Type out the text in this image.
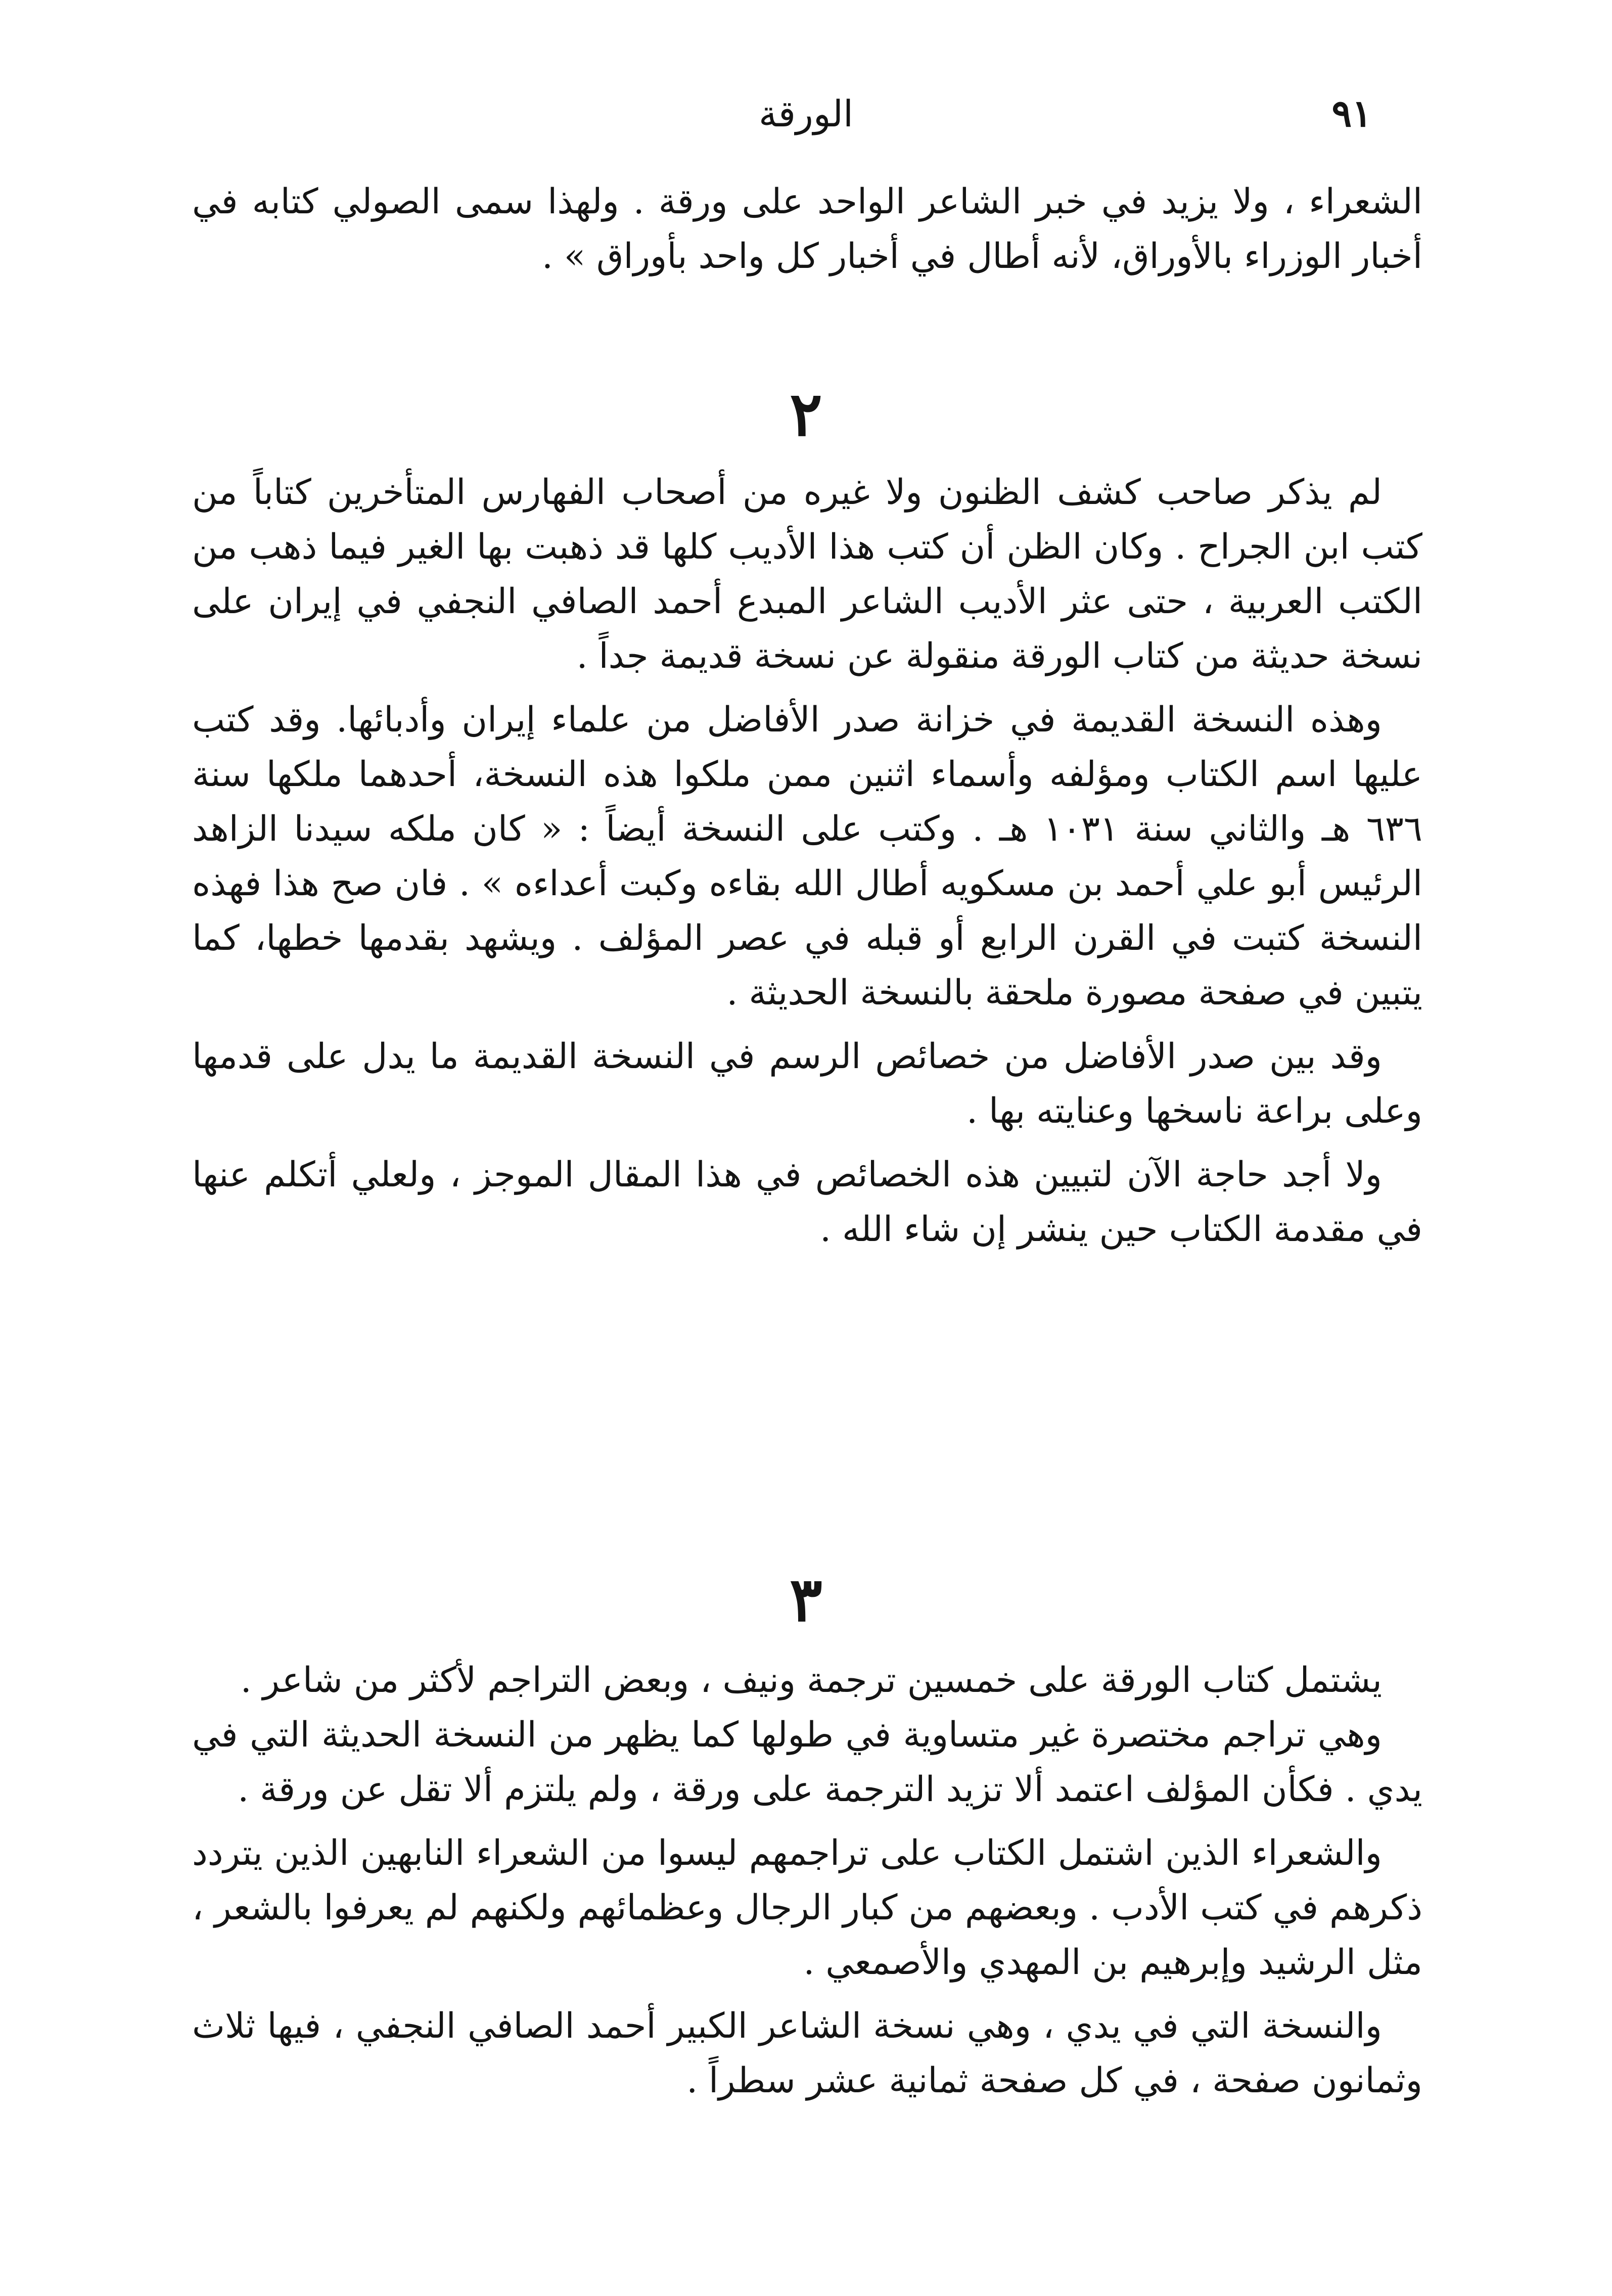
الورقة	٩١

الشعراء ، ولا يزيد في خبر الشاعر الواحد على ورقة . ولهذا سمى الصولي كتابه في أخبار الوزراء بالأوراق، لأنه أطال في أخبار كل واحد بأوراق » .

٢

لم يذكر صاحب كشف الظنون ولا غيره من أصحاب الفهارس المتأخرين كتاباً من كتب ابن الجراح . وكان الظن أن كتب هذا الأديب كلها قد ذهبت بها الغير فيما ذهب من الكتب العربية ، حتى عثر الأديب الشاعر المبدع أحمد الصافي النجفي في إيران على نسخة حديثة من كتاب الورقة منقولة عن نسخة قديمة جداً .

وهذه النسخة القديمة في خزانة صدر الأفاضل من علماء إيران وأدبائها. وقد كتب عليها اسم الكتاب ومؤلفه وأسماء اثنين ممن ملكوا هذه النسخة، أحدهما ملكها سنة ٦٣٦ هـ والثاني سنة ١٠٣١ هـ . وكتب على النسخة أيضاً : « كان ملكه سيدنا الزاهد الرئيس أبو علي أحمد بن مسكويه أطال الله بقاءه وكبت أعداءه » . فان صح هذا فهذه النسخة كتبت في القرن الرابع أو قبله في عصر المؤلف . ويشهد بقدمها خطها، كما يتبين في صفحة مصورة ملحقة بالنسخة الحديثة .

وقد بين صدر الأفاضل من خصائص الرسم في النسخة القديمة ما يدل على قدمها وعلى براعة ناسخها وعنايته بها .

ولا أجد حاجة الآن لتبيين هذه الخصائص في هذا المقال الموجز ، ولعلي أتكلم عنها في مقدمة الكتاب حين ينشر إن شاء الله .

٣

يشتمل كتاب الورقة على خمسين ترجمة ونيف ، وبعض التراجم لأكثر من شاعر .

وهي تراجم مختصرة غير متساوية في طولها كما يظهر من النسخة الحديثة التي في يدي . فكأن المؤلف اعتمد ألا تزيد الترجمة على ورقة ، ولم يلتزم ألا تقل عن ورقة .

والشعراء الذين اشتمل الكتاب على تراجمهم ليسوا من الشعراء النابهين الذين يتردد ذكرهم في كتب الأدب . وبعضهم من كبار الرجال وعظمائهم ولكنهم لم يعرفوا بالشعر ، مثل الرشيد وإبرهيم بن المهدي والأصمعي .

والنسخة التي في يدي ، وهي نسخة الشاعر الكبير أحمد الصافي النجفي ، فيها ثلاث وثمانون صفحة ، في كل صفحة ثمانية عشر سطراً .
